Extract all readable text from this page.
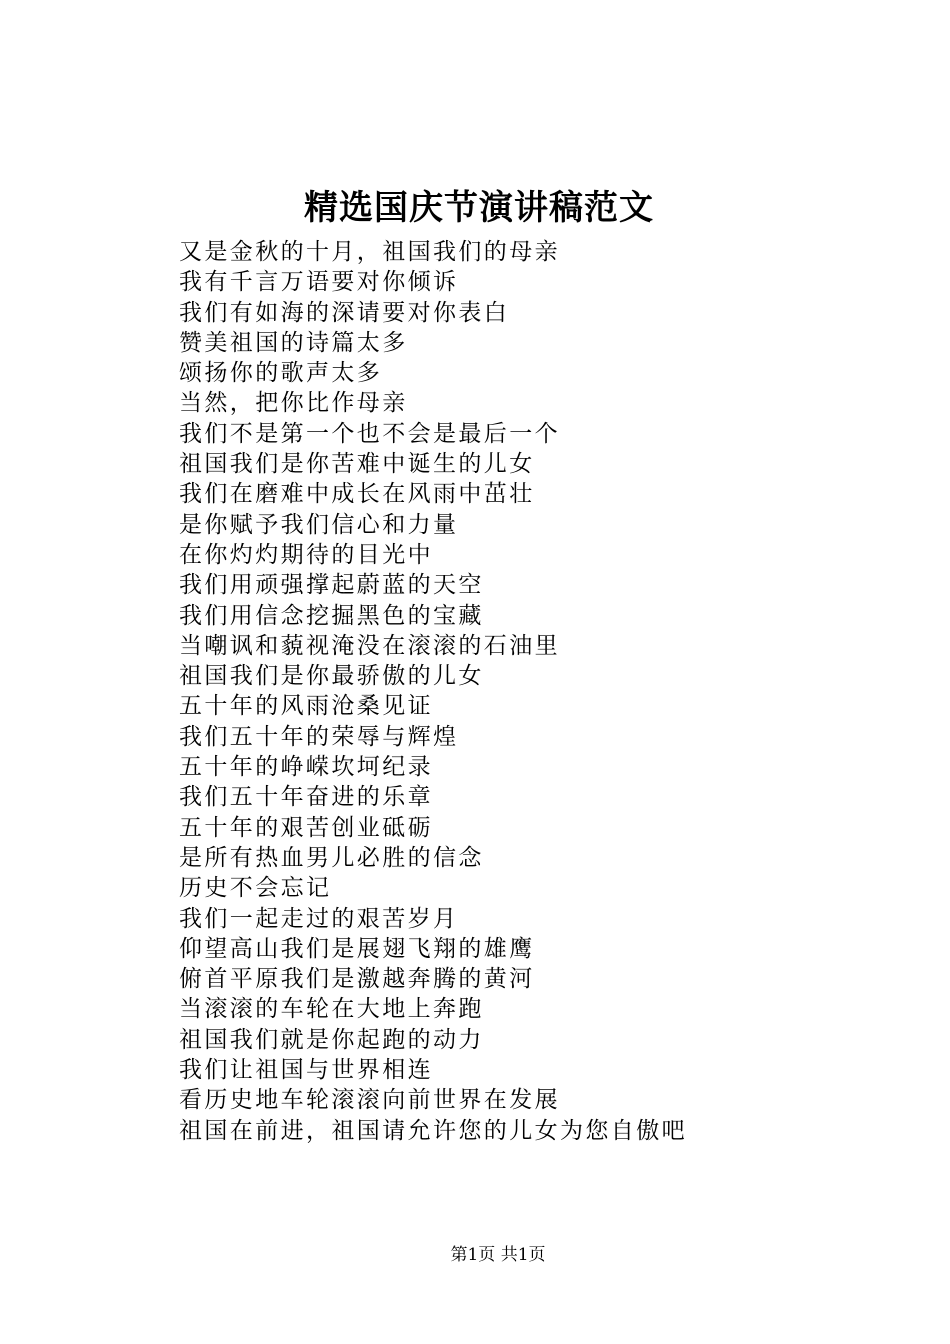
精选国庆节演讲稿范文
又是金秋的十月，祖国我们的母亲
我有千言万语要对你倾诉
我们有如海的深请要对你表白
赞美祖国的诗篇太多
颂扬你的歌声太多
当然，把你比作母亲
我们不是第一个也不会是最后一个
祖国我们是你苦难中诞生的儿女
我们在磨难中成长在风雨中茁壮
是你赋予我们信心和力量
在你灼灼期待的目光中
我们用顽强撑起蔚蓝的天空
我们用信念挖掘黑色的宝藏
当嘲讽和藐视淹没在滚滚的石油里
祖国我们是你最骄傲的儿女
五十年的风雨沧桑见证
我们五十年的荣辱与辉煌
五十年的峥嵘坎坷纪录
我们五十年奋进的乐章
五十年的艰苦创业砥砺
是所有热血男儿必胜的信念
历史不会忘记
我们一起走过的艰苦岁月
仰望高山我们是展翅飞翔的雄鹰
俯首平原我们是激越奔腾的黄河
当滚滚的车轮在大地上奔跑
祖国我们就是你起跑的动力
我们让祖国与世界相连
看历史地车轮滚滚向前世界在发展
祖国在前进，祖国请允许您的儿女为您自傲吧
第1页 共1页
